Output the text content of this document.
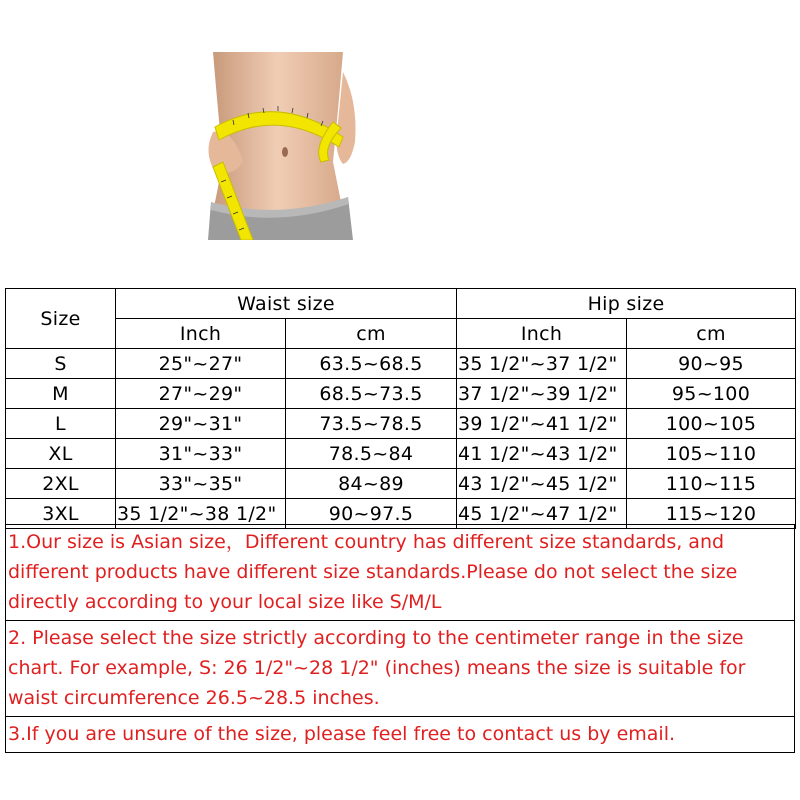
Size	Waist size		Hip size	
	Inch	cm	Inch	cm
S	25"~27"	63.5~68.5	35 1/2"~37 1/2"	90~95
M	27"~29"	68.5~73.5	37 1/2"~39 1/2"	95~100
L	29"~31"	73.5~78.5	39 1/2"~41 1/2"	100~105
XL	31"~33"	78.5~84	41 1/2"~43 1/2"	105~110
2XL	33"~35"	84~89	43 1/2"~45 1/2"	110~115
3XL	35 1/2"~38 1/2"	90~97.5	45 1/2"~47 1/2"	115~120
1.Our size is Asian size，Different country has different size standards, and different products have different size standards.Please do not select the size directly according to your local size like S/M/L
2. Please select the size strictly according to the centimeter range in the size chart. For example, S: 26 1/2"~28 1/2" (inches) means the size is suitable for waist circumference 26.5~28.5 inches.
3.If you are unsure of the size, please feel free to contact us by email.
